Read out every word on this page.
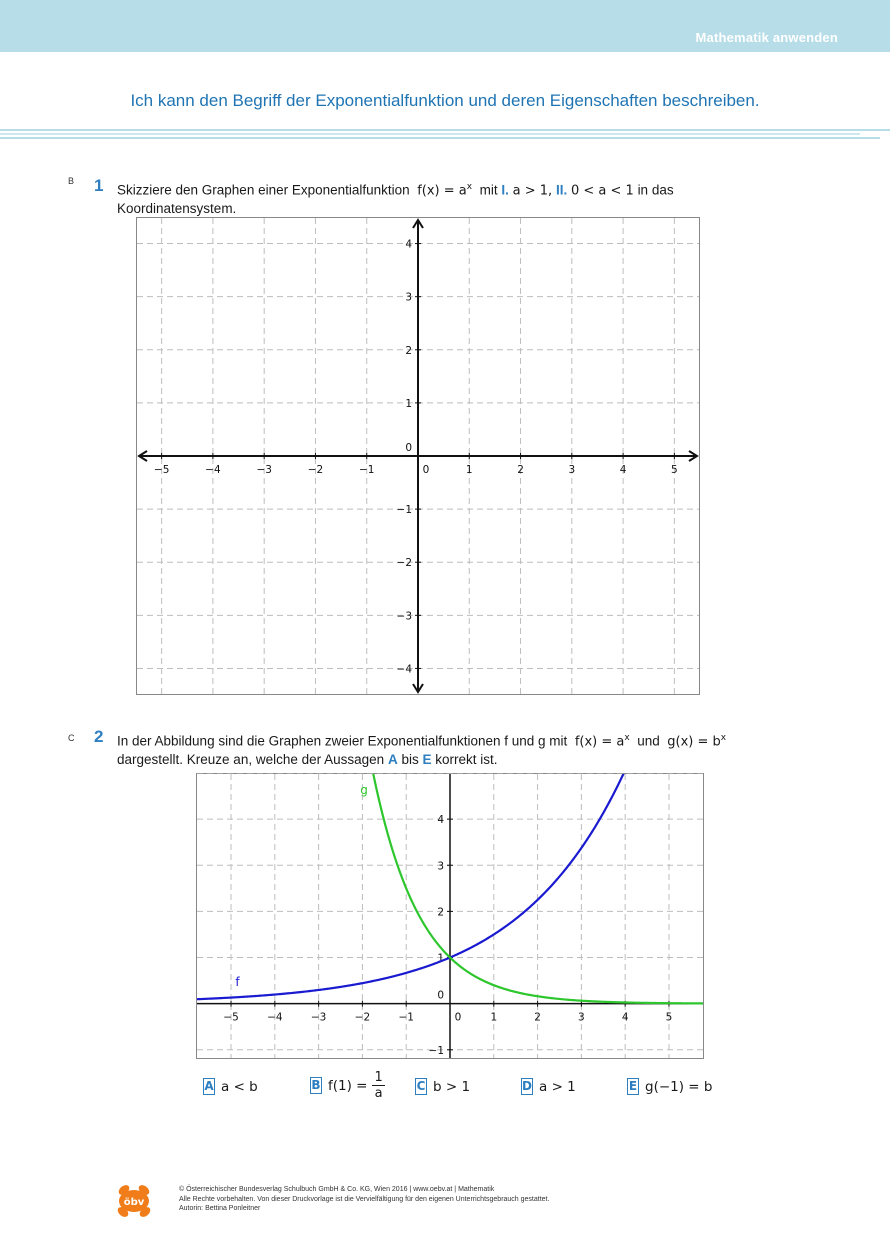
Mathematik anwenden
Ich kann den Begriff der Exponentialfunktion und deren Eigenschaften beschreiben.
B 1 Skizziere den Graphen einer Exponentialfunktion $f(x) = a^x$ mit I. a > 1, II. 0 < a < 1 in das
Koordinatensystem.
−5	−4	−3	−2	−1	0	1	2	3	4	5
4
3
2
1
−1
−2
−3
−4
0
C 2 In der Abbildung sind die Graphen zweier Exponentialfunktionen f und g mit $f(x) = a^x$ und $g(x) = b^x$
dargestellt. Kreuze an, welche der Aussagen A bis E korrekt ist.
−5	−4	−3	−2	−1	0	1	2	3	4	5
4
3
2
1
−1
0
f
g
A a < b	B $f(1) = \frac{1}{a}$	C b > 1	D a > 1	E g(−1) = b
öbv
© Österreichischer Bundesverlag Schulbuch GmbH & Co. KG, Wien 2016 | www.oebv.at | Mathematik
Alle Rechte vorbehalten. Von dieser Druckvorlage ist die Vervielfältigung für den eigenen Unterrichtsgebrauch gestattet.
Autorin: Bettina Ponleitner
